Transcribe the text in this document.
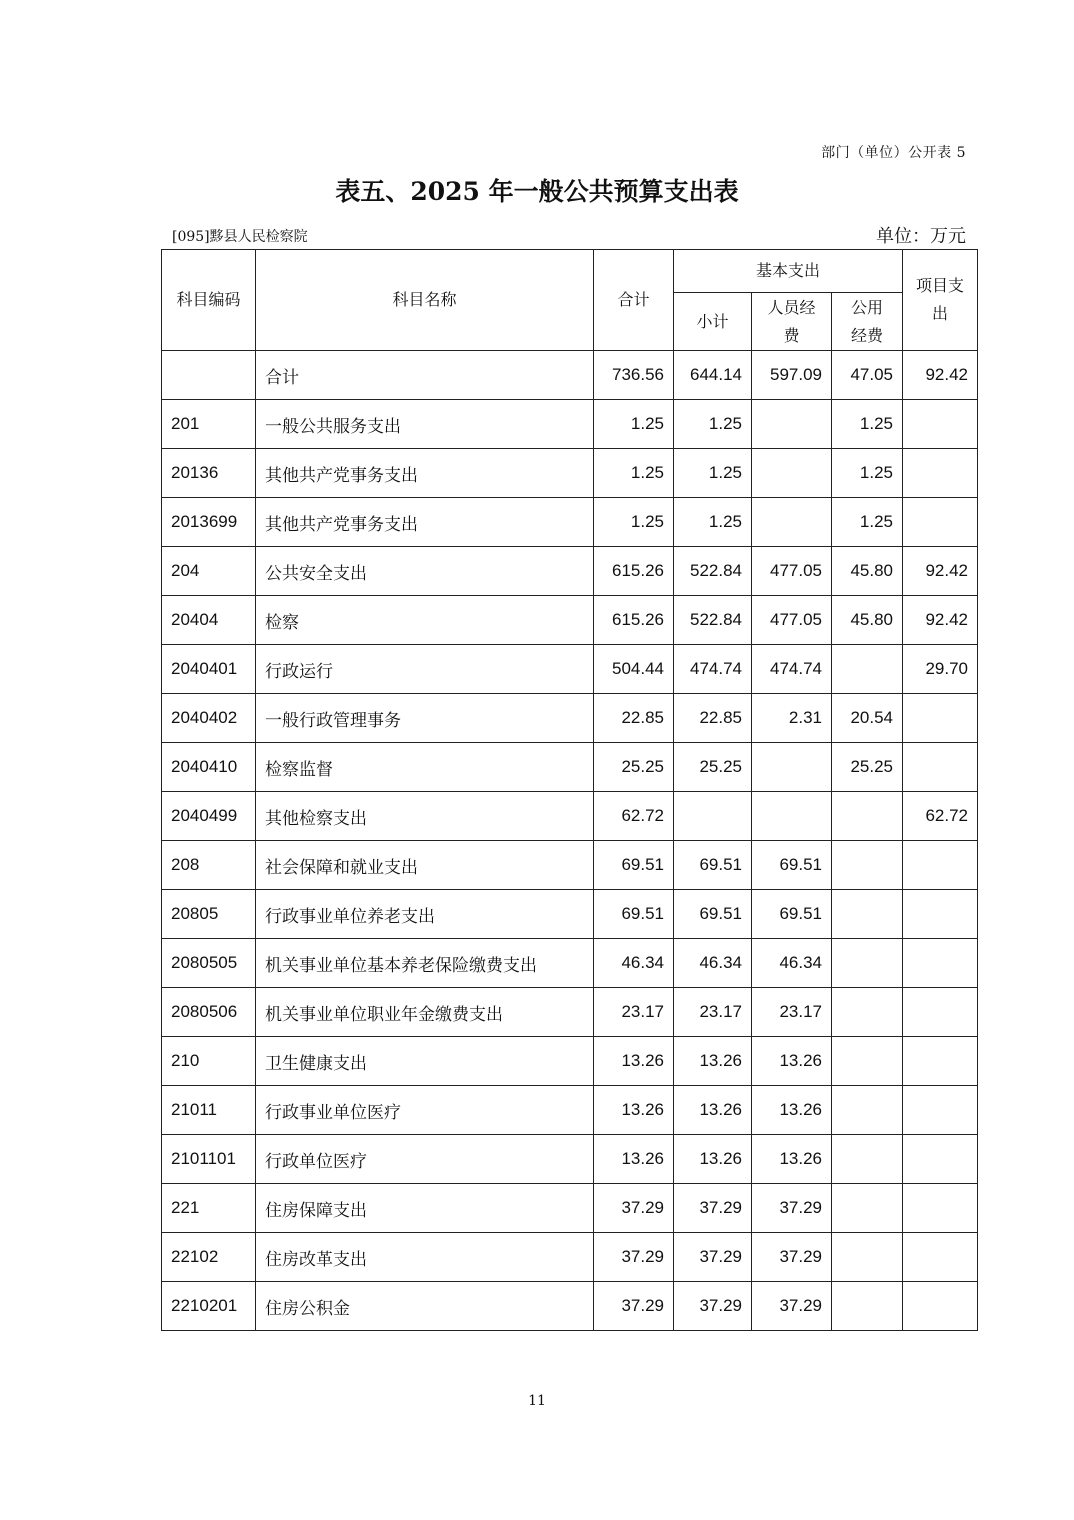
部门（单位）公开表 5
表五、2025 年一般公共预算支出表
[095]黟县人民检察院	单位：万元
科目编码	科目名称	合计	基本支出			项目支出
			小计	人员经费	公用经费	
	合计	736.56	644.14	597.09	47.05	92.42
201	一般公共服务支出	1.25	1.25		1.25	
20136	其他共产党事务支出	1.25	1.25		1.25	
2013699	其他共产党事务支出	1.25	1.25		1.25	
204	公共安全支出	615.26	522.84	477.05	45.80	92.42
20404	检察	615.26	522.84	477.05	45.80	92.42
2040401	行政运行	504.44	474.74	474.74		29.70
2040402	一般行政管理事务	22.85	22.85	2.31	20.54	
2040410	检察监督	25.25	25.25		25.25	
2040499	其他检察支出	62.72				62.72
208	社会保障和就业支出	69.51	69.51	69.51		
20805	行政事业单位养老支出	69.51	69.51	69.51		
2080505	机关事业单位基本养老保险缴费支出	46.34	46.34	46.34		
2080506	机关事业单位职业年金缴费支出	23.17	23.17	23.17		
210	卫生健康支出	13.26	13.26	13.26		
21011	行政事业单位医疗	13.26	13.26	13.26		
2101101	行政单位医疗	13.26	13.26	13.26		
221	住房保障支出	37.29	37.29	37.29		
22102	住房改革支出	37.29	37.29	37.29		
2210201	住房公积金	37.29	37.29	37.29		
11
